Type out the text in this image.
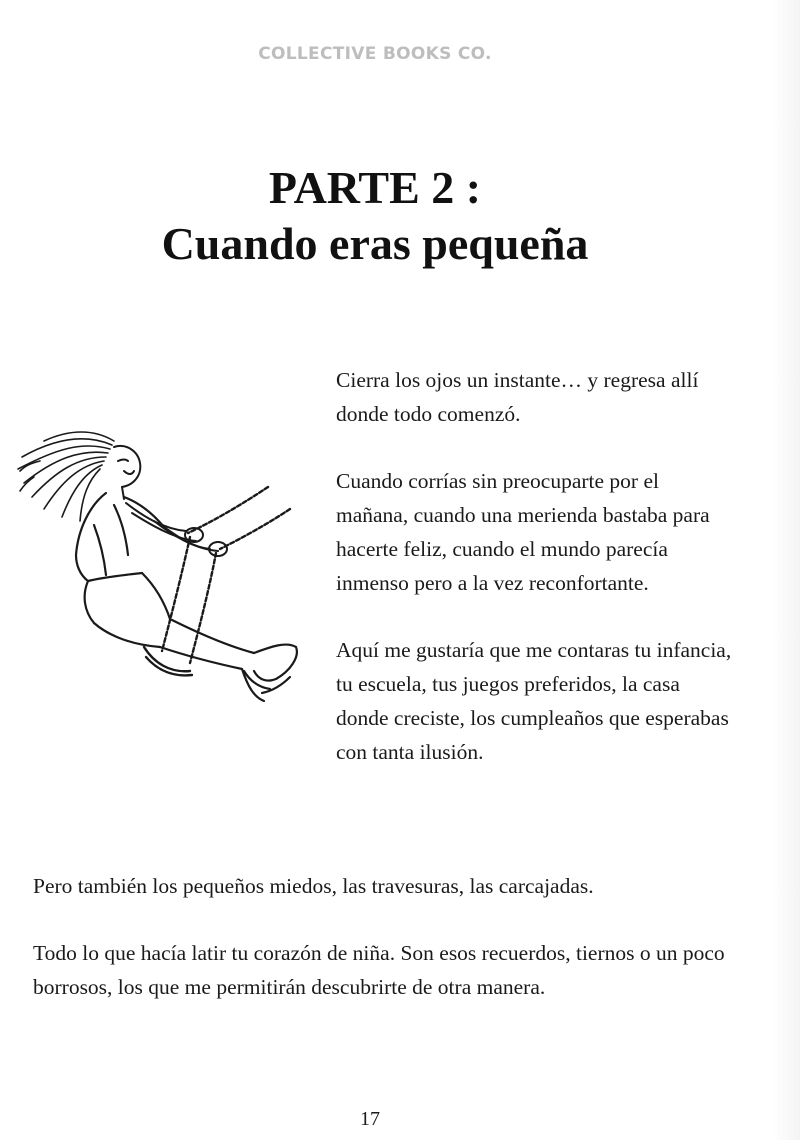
COLLECTIVE BOOKS CO.
PARTE 2 :
Cuando eras pequeña

Cierra los ojos un instante… y regresa allí donde todo comenzó.

Cuando corrías sin preocuparte por el mañana, cuando una merienda bastaba para hacerte feliz, cuando el mundo parecía inmenso pero a la vez reconfortante.

Aquí me gustaría que me contaras tu infancia, tu escuela, tus juegos preferidos, la casa donde creciste, los cumpleaños que esperabas con tanta ilusión.

Pero también los pequeños miedos, las travesuras, las carcajadas.

Todo lo que hacía latir tu corazón de niña. Son esos recuerdos, tiernos o un poco borrosos, los que me permitirán descubrirte de otra manera.

17
